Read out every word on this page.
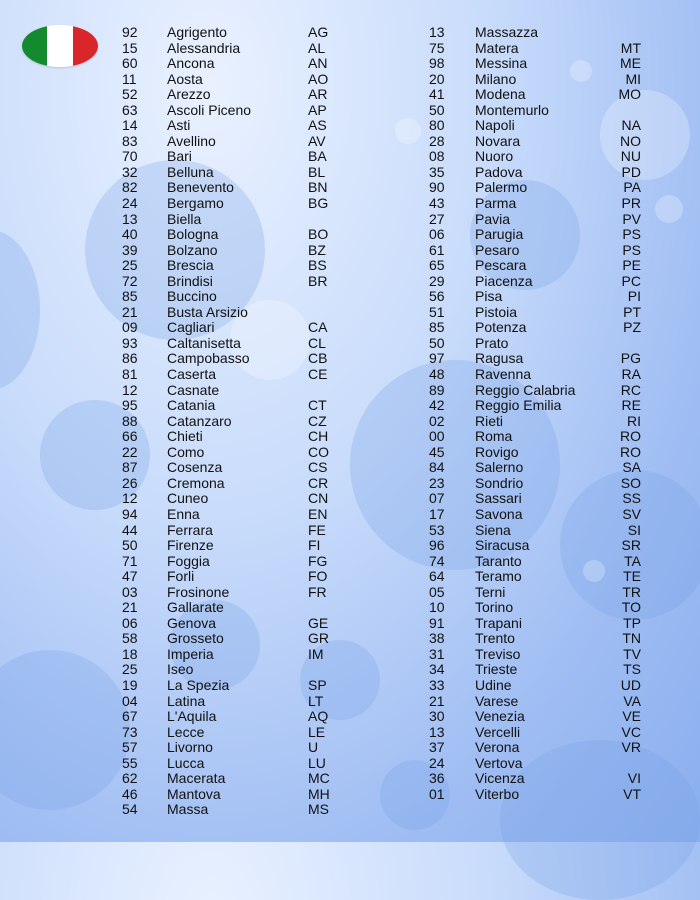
92 Agrigento	AG
15 Alessandria	AL
60 Ancona	AN
11 Aosta	AO
52 Arezzo	AR
63 Ascoli Piceno	AP
14 Asti	AS
83 Avellino	AV
70 Bari	BA
32 Belluna	BL
82 Benevento	BN
24 Bergamo	BG
13 Biella
40 Bologna	BO
39 Bolzano	BZ
25 Brescia	BS
72 Brindisi	BR
85 Buccino
21 Busta Arsizio
09 Cagliari	CA
93 Caltanisetta	CL
86 Campobasso	CB
81 Caserta	CE
12 Casnate
95 Catania	CT
88 Catanzaro	CZ
66 Chieti	CH
22 Como	CO
87 Cosenza	CS
26 Cremona	CR
12 Cuneo	CN
94 Enna	EN
44 Ferrara	FE
50 Firenze	FI
71 Foggia	FG
47 Forli	FO
03 Frosinone	FR
21 Gallarate
06 Genova	GE
58 Grosseto	GR
18 Imperia	IM
25 Iseo
19 La Spezia	SP
04 Latina	LT
67 L'Aquila	AQ
73 Lecce	LE
57 Livorno	U
55 Lucca	LU
62 Macerata	MC
46 Mantova	MH
54 Massa	MS
13 Massazza
75 Matera	MT
98 Messina	ME
20 Milano	MI
41 Modena	MO
50 Montemurlo
80 Napoli	NA
28 Novara	NO
08 Nuoro	NU
35 Padova	PD
90 Palermo	PA
43 Parma	PR
27 Pavia	PV
06 Parugia	PS
61 Pesaro	PS
65 Pescara	PE
29 Piacenza	PC
56 Pisa	PI
51 Pistoia	PT
85 Potenza	PZ
50 Prato
97 Ragusa	PG
48 Ravenna	RA
89 Reggio Calabria	RC
42 Reggio Emilia	RE
02 Rieti	RI
00 Roma	RO
45 Rovigo	RO
84 Salerno	SA
23 Sondrio	SO
07 Sassari	SS
17 Savona	SV
53 Siena	SI
96 Siracusa	SR
74 Taranto	TA
64 Teramo	TE
05 Terni	TR
10 Torino	TO
91 Trapani	TP
38 Trento	TN
31 Treviso	TV
34 Trieste	TS
33 Udine	UD
21 Varese	VA
30 Venezia	VE
13 Vercelli	VC
37 Verona	VR
24 Vertova
36 Vicenza	VI
01 Viterbo	VT
